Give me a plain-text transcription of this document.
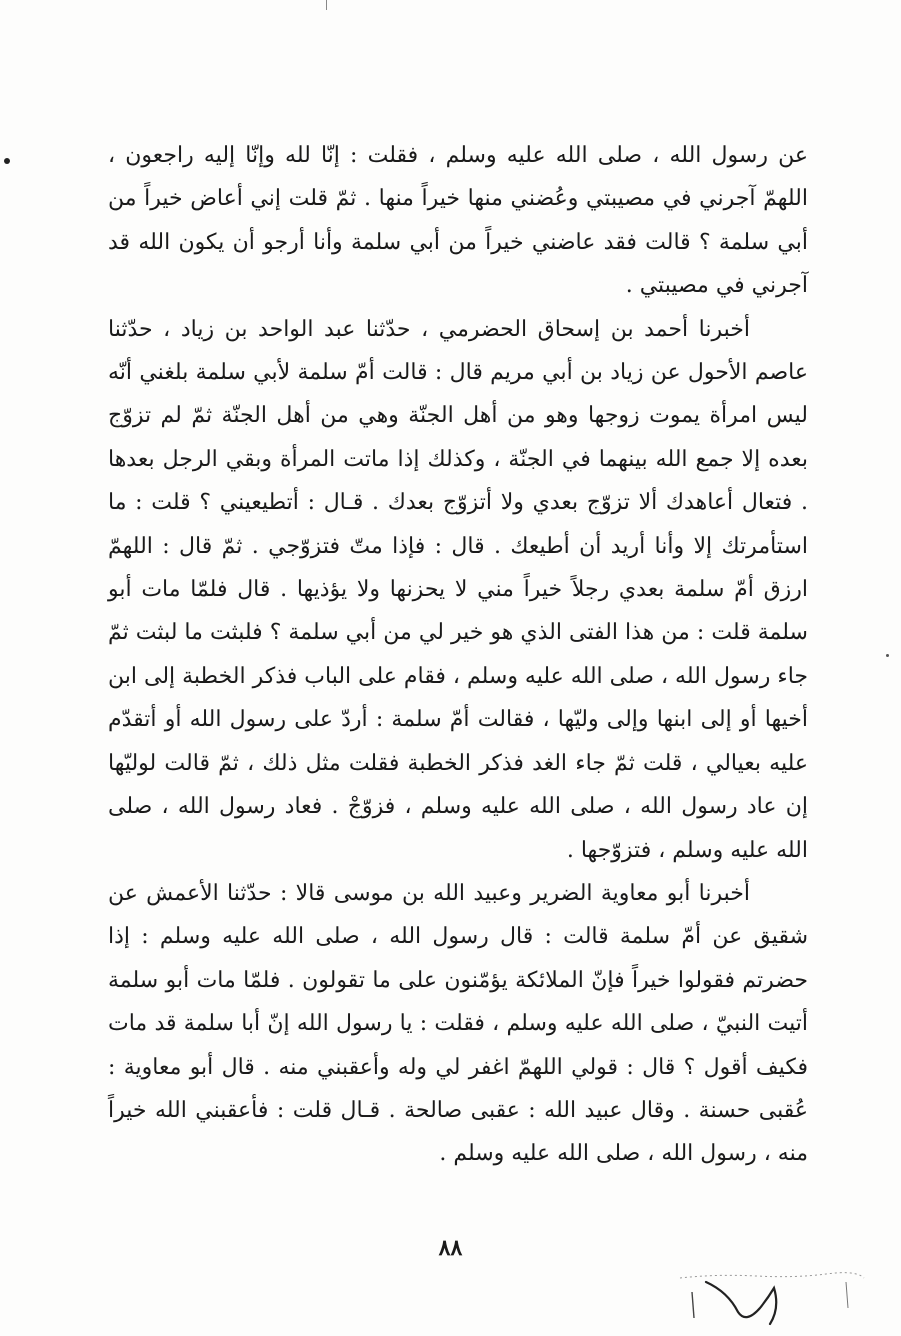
عن رسول الله ، صلى الله عليه وسلم ، فقلت : إنّا لله وإنّا إليه راجعون ، اللهمّ آجرني في مصيبتي وعُضني منها خيراً منها . ثمّ قلت إني أعاض خيراً من أبي سلمة ؟ قالت فقد عاضني خيراً من أبي سلمة وأنا أرجو أن يكون الله قد آجرني في مصيبتي .

أخبرنا أحمد بن إسحاق الحضرمي ، حدّثنا عبد الواحد بن زياد ، حدّثنا عاصم الأحول عن زياد بن أبي مريم قال : قالت أمّ سلمة لأبي سلمة بلغني أنّه ليس امرأة يموت زوجها وهو من أهل الجنّة وهي من أهل الجنّة ثمّ لم تزوّج بعده إلا جمع الله بينهما في الجنّة ، وكذلك إذا ماتت المرأة وبقي الرجل بعدها . فتعال أعاهدك ألا تزوّج بعدي ولا أتزوّج بعدك . قـال : أتطيعيني ؟ قلت : ما استأمرتك إلا وأنا أريد أن أطيعك . قال : فإذا متّ فتزوّجي . ثمّ قال : اللهمّ ارزق أمّ سلمة بعدي رجلاً خيراً مني لا يحزنها ولا يؤذيها . قال فلمّا مات أبو سلمة قلت : من هذا الفتى الذي هو خير لي من أبي سلمة ؟ فلبثت ما لبثت ثمّ جاء رسول الله ، صلى الله عليه وسلم ، فقام على الباب فذكر الخطبة إلى ابن أخيها أو إلى ابنها وإلى وليّها ، فقالت أمّ سلمة : أردّ على رسول الله أو أتقدّم عليه بعيالي ، قلت ثمّ جاء الغد فذكر الخطبة فقلت مثل ذلك ، ثمّ قالت لوليّها إن عاد رسول الله ، صلى الله عليه وسلم ، فزوّجْ . فعاد رسول الله ، صلى الله عليه وسلم ، فتزوّجها .

أخبرنا أبو معاوية الضرير وعبيد الله بن موسى قالا : حدّثنا الأعمش عن شقيق عن أمّ سلمة قالت : قال رسول الله ، صلى الله عليه وسلم : إذا حضرتم فقولوا خيراً فإنّ الملائكة يؤمّنون على ما تقولون . فلمّا مات أبو سلمة أتيت النبيّ ، صلى الله عليه وسلم ، فقلت : يا رسول الله إنّ أبا سلمة قد مات فكيف أقول ؟ قال : قولي اللهمّ اغفر لي وله وأعقبني منه . قال أبو معاوية : عُقبى حسنة . وقال عبيد الله : عقبى صالحة . قـال قلت : فأعقبني الله خيراً منه ، رسول الله ، صلى الله عليه وسلم .

٨٨
